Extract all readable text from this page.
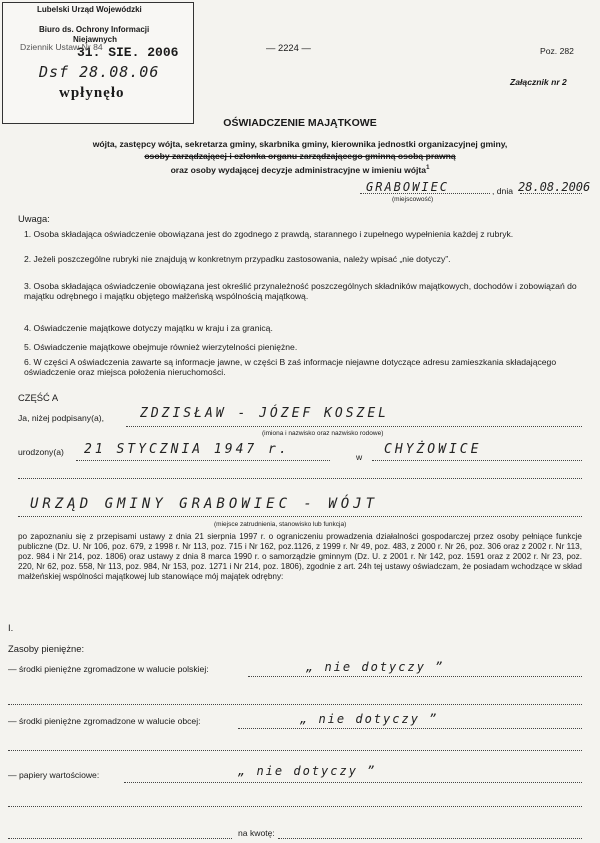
Lubelski Urząd Wojewódzki
Biuro ds. Ochrony Informacji
Niejawnych
31. SIE. 2006
Dsf 28.08.06
wpłynęło
Dziennik Ustaw Nr 84	— 2224 —	Poz. 282
Załącznik nr 2
OŚWIADCZENIE MAJĄTKOWE
wójta, zastępcy wójta, sekretarza gminy, skarbnika gminy, kierownika jednostki organizacyjnej gminy,
osoby zarządzającej i członka organu zarządzającego gminną osobą prawną
oraz osoby wydającej decyzje administracyjne w imieniu wójta$^1$
GRABOWIEC	, dnia 28.08.2006
(miejscowość)
Uwaga:
1. Osoba składająca oświadczenie obowiązana jest do zgodnego z prawdą, starannego i zupełnego wypełnienia każdej z rubryk.
2. Jeżeli poszczególne rubryki nie znajdują w konkretnym przypadku zastosowania, należy wpisać „nie dotyczy”.
3. Osoba składająca oświadczenie obowiązana jest określić przynależność poszczególnych składników majątkowych, dochodów i zobowiązań do majątku odrębnego i majątku objętego małżeńską wspólnością majątkową.
4. Oświadczenie majątkowe dotyczy majątku w kraju i za granicą.
5. Oświadczenie majątkowe obejmuje również wierzytelności pieniężne.
6. W części A oświadczenia zawarte są informacje jawne, w części B zaś informacje niejawne dotyczące adresu zamieszkania składającego oświadczenie oraz miejsca położenia nieruchomości.
CZĘŚĆ A
Ja, niżej podpisany(a),	ZDZISŁAW - JÓZEF KOSZEL
(imiona i nazwisko oraz nazwisko rodowe)
urodzony(a) 21 STYCZNIA 1947 r.	w CHYŻOWICE
URZĄD GMINY GRABOWIEC - WÓJT
(miejsce zatrudnienia, stanowisko lub funkcja)
po zapoznaniu się z przepisami ustawy z dnia 21 sierpnia 1997 r. o ograniczeniu prowadzenia działalności gospodarczej przez osoby pełniące funkcje publiczne (Dz. U. Nr 106, poz. 679, z 1998 r. Nr 113, poz. 715 i Nr 162, poz.1126, z 1999 r. Nr 49, poz. 483, z 2000 r. Nr 26, poz. 306 oraz z 2002 r. Nr 113, poz. 984 i Nr 214, poz. 1806) oraz ustawy z dnia 8 marca 1990 r. o samorządzie gminnym (Dz. U. z 2001 r. Nr 142, poz. 1591 oraz z 2002 r. Nr 23, poz. 220, Nr 62, poz. 558, Nr 113, poz. 984, Nr 153, poz. 1271 i Nr 214, poz. 1806), zgodnie z art. 24h tej ustawy oświadczam, że posiadam wchodzące w skład małżeńskiej wspólności majątkowej lub stanowiące mój majątek odrębny:
I.
Zasoby pieniężne:
— środki pieniężne zgromadzone w walucie polskiej:	„ nie dotyczy ”
— środki pieniężne zgromadzone w walucie obcej:	„ nie dotyczy ”
— papiery wartościowe:	„ nie dotyczy ”
na kwotę:
